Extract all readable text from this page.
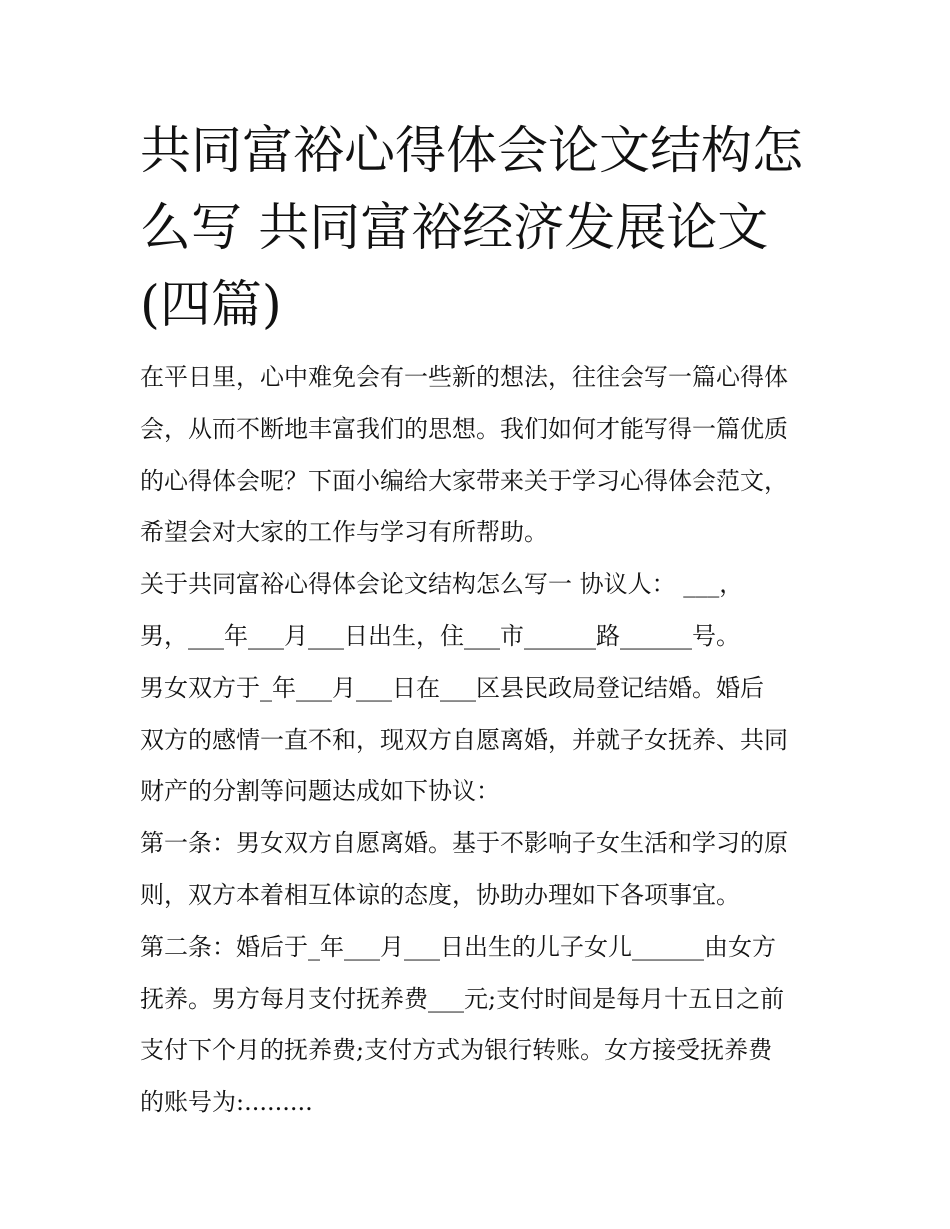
共同富裕心得体会论文结构怎
么写 共同富裕经济发展论文
(四篇)
在平日里，心中难免会有一些新的想法，往往会写一篇心得体
会，从而不断地丰富我们的思想。我们如何才能写得一篇优质
的心得体会呢？下面小编给大家带来关于学习心得体会范文，
希望会对大家的工作与学习有所帮助。
关于共同富裕心得体会论文结构怎么写一 协议人： ___，
男，___年___月___日出生，住___市______路______号。
男女双方于_年___月___日在___区县民政局登记结婚。婚后
双方的感情一直不和，现双方自愿离婚，并就子女抚养、共同
财产的分割等问题达成如下协议：
第一条：男女双方自愿离婚。基于不影响子女生活和学习的原
则，双方本着相互体谅的态度，协助办理如下各项事宜。
第二条：婚后于_年___月___日出生的儿子女儿______由女方
抚养。男方每月支付抚养费___元;支付时间是每月十五日之前
支付下个月的抚养费;支付方式为银行转账。女方接受抚养费
的账号为:.........
